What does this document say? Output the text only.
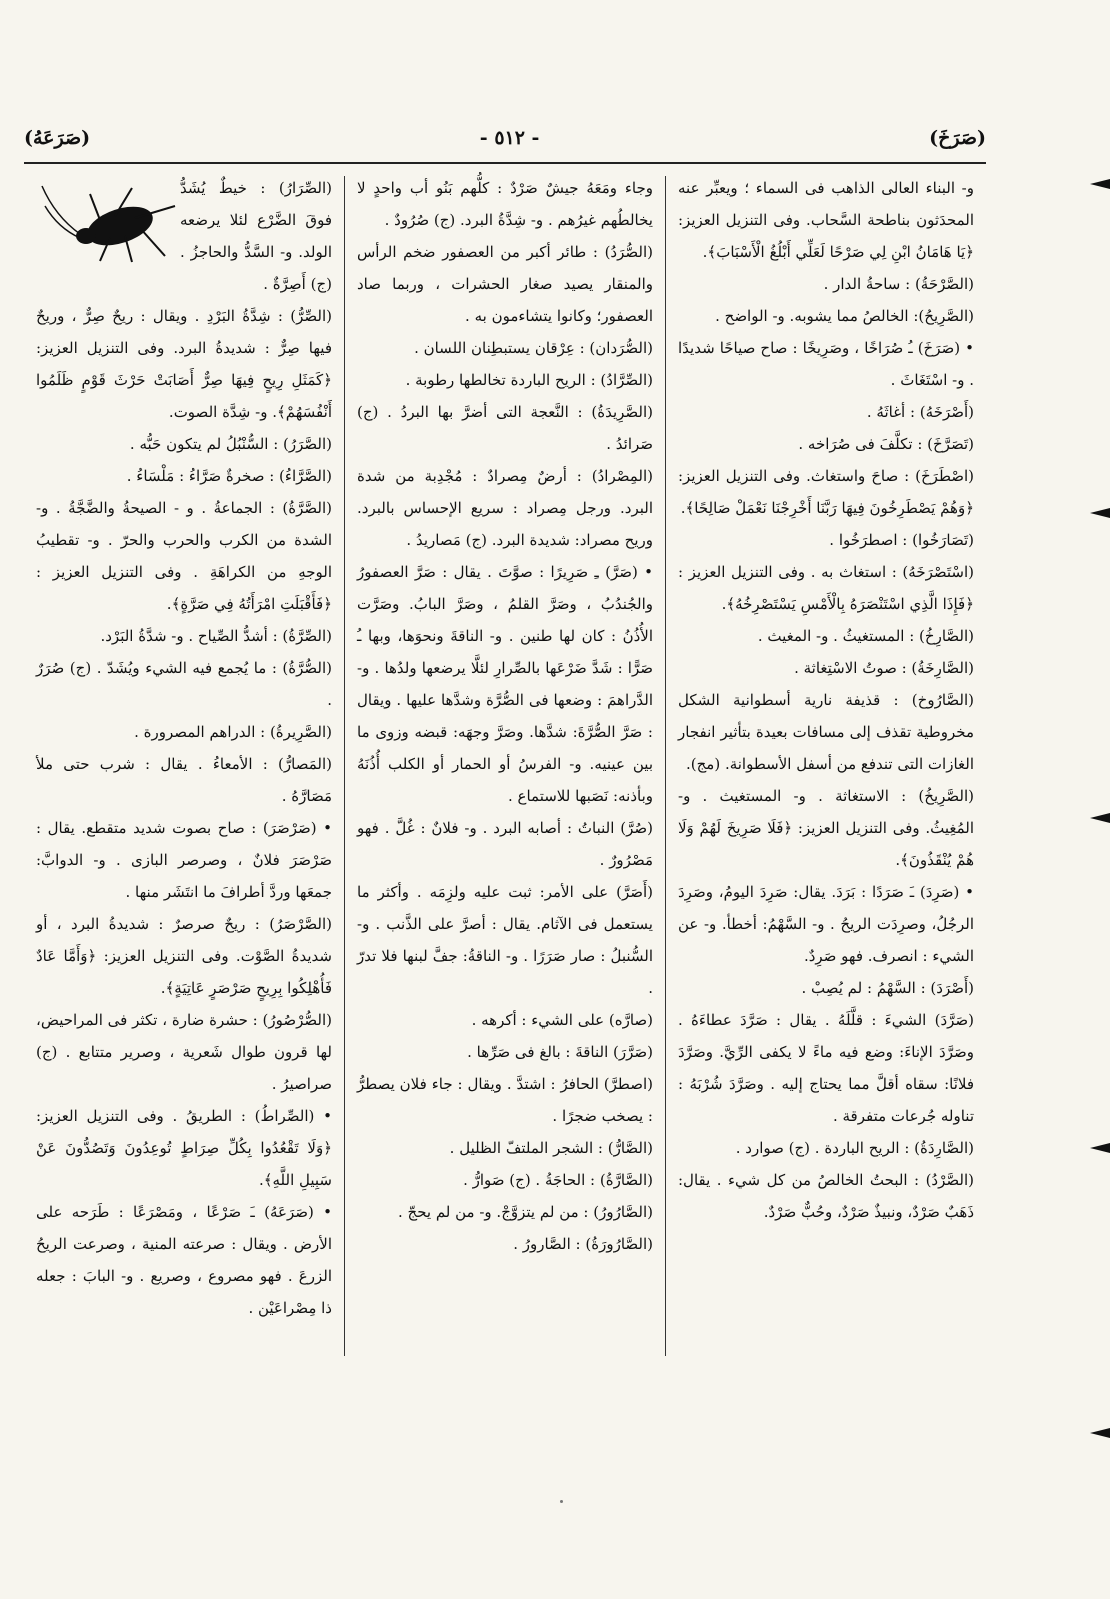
(صَرَخَ)
- ٥١٢ -
(صَرَعَهُ)

و- البناء العالى الذاهب فى السماء ؛ ويعبِّر عنه المحدَثون بناطحة السَّحاب. وفى التنزيل العزيز: ﴿يَا هَامَانُ ابْنِ لِي صَرْحًا لَعَلِّي أَبْلُغُ الْأَسْبَابَ﴾.

(الصَّرْحَةُ) : ساحةُ الدار .

(الصَّرِيحُ): الخالصُ مما يشوبه. و- الواضح .

• (صَرَخَ) ـُ صُرَاخًا ، وصَرِيخًا : صاح صياحًا شديدًا . و- اسْتَغَاثَ .

(أَصْرَخَهُ) : أغاثَهُ .

(تَصَرَّخَ) : تكلَّفَ فى صُرَاخه .

(اصْطَرَخَ) : صاحَ واستغاث. وفى التنزيل العزيز: ﴿وَهُمْ يَصْطَرِخُونَ فِيهَا رَبَّنَا أَخْرِجْنَا نَعْمَلْ صَالِحًا﴾.

(تَصَارَخُوا) : اصطرَخُوا .

(اسْتَصْرَخَهُ) : استغاث به . وفى التنزيل العزيز : ﴿فَإِذَا الَّذِي اسْتَنْصَرَهُ بِالْأَمْسِ يَسْتَصْرِخُهُ﴾.

(الصَّارِخُ) : المستغيثُ . و- المغيث .

(الصَّارِخَةُ) : صوتُ الاسْتِغاثة .

(الصَّارُوخ) : قذيفة نارية أسطوانية الشكل مخروطية تقذف إلى مسافات بعيدة بتأثير انفجار الغازات التى تندفع من أسفل الأسطوانة. (مج).

(الصَّرِيخُ) : الاستغاثة . و- المستغيث . و- المُغِيثُ. وفى التنزيل العزيز: ﴿فَلَا صَرِيخَ لَهُمْ وَلَا هُمْ يُنْقَذُونَ﴾.

• (صَرِدَ) ـَ صَرَدًا : بَرَدَ. يقال: صَرِدَ اليومُ، وصَرِدَ الرجُلُ، وصرِدَت الريحُ . و- السَّهْمُ: أخطأ. و- عن الشيء : انصرف. فهو صَرِدٌ.

(أَصْرَدَ) : السَّهْمُ : لم يُصِبْ .

(صَرَّدَ) الشيءَ : قلَّلَهُ . يقال : صَرَّدَ عطاءَهُ . وصَرَّدَ الإناءَ: وضع فيه ماءً لا يكفى الرِّيَّ. وصَرَّدَ فلانًا: سقاه أقلَّ مما يحتاج إليه . وصَرَّدَ شُرْبَهُ : تناوله جُرعات متفرقة .

(الصَّارِدَةُ) : الريح الباردة . (ج) صوارد .

(الصَّرْدُ) : البحتُ الخالصُ من كل شيء . يقال: ذَهَبٌ صَرْدٌ، ونبيذٌ صَرْدٌ، وحُبٌّ صَرْدٌ.

وجاء ومَعَهُ جيشٌ صَرْدٌ : كلُّهم بَنُو أب واحدٍ لا يخالطُهم غيرُهم . و- شِدَّةُ البرد. (ج) صُرُودٌ .

(الصُّرَدُ) : طائر أكبر من العصفور ضخم الرأس والمنقار يصيد صغار الحشرات ، وربما صاد العصفور؛ وكانوا يتشاءمون به .

(الصُّرَدان) : عِرْقان يستبطِنان اللسان .

(الصِّرَّادُ) : الريح الباردة تخالطها رطوبة .

(الصَّرِيدَةُ) : النَّعجة التى أضرَّ بها البردُ . (ج) صَرائدُ .

(المِصْرادُ) : أرضٌ مِصرادٌ : مُجْدِبة من شدة البرد. ورجل مِصراد : سريع الإحساس بالبرد. وريح مصراد: شديدة البرد. (ج) مَصاريدُ .

• (صَرَّ) ـِ صَرِيرًا : صوَّتَ . يقال : صَرَّ العصفورُ والجُندُبُ ، وصَرَّ القلمُ ، وصَرَّ البابُ. وصَرَّت الأُذُنُ : كان لها طنين . و- الناقةَ ونحوَها، وبها ـُ صَرًّا : شَدَّ ضَرْعَها بالصِّرارِ لئلَّا يرضعها ولدُها . و- الدَّراهمَ : وضعها فى الصُّرَّة وشدَّها عليها . ويقال : صَرَّ الصُّرَّةَ: شدَّها. وصَرَّ وجهَه: قبضه وزوى ما بين عينيه. و- الفرسُ أو الحمار أو الكلب أُذُنَهُ وبأذنه: نَصَبها للاستماع .

(صُرَّ) النباتُ : أصابه البرد . و- فلانٌ : غُلَّ . فهو مَصْرُورٌ .

(أَصَرَّ) على الأمر: ثبت عليه ولزِمَه . وأكثر ما يستعمل فى الآثام. يقال : أصرَّ على الذَّنب . و- السُّنبلُ : صار صَرَرًا . و- الناقةُ: جفَّ لبنها فلا تدرّ .

(صارَّه) على الشيء : أكرهه .

(صَرَّرَ) الناقةَ : بالغ فى صَرِّها .

(اصطرَّ) الحافرُ : اشتدَّ . ويقال : جاء فلان يصطرُّ : يصخب ضجرًا .

(الصَّارُّ) : الشجر الملتفّ الظليل .

(الصَّارَّةُ) : الحاجَةُ . (ج) صَوارُّ .

(الصَّارُورُ) : من لم يتزوَّجْ. و- من لم يحجّ .

(الصَّارُورَةُ) : الصَّارورُ .

(الصِّرَارُ) : خيطٌ يُشَدُّ فوقَ الضَّرْع لئلا يرضعه الولد. و- السَّدُّ والحاجزُ . (ج) أَصِرَّةٌ .

(الصِّرُّ) : شِدَّةُ البَرْدِ . ويقال : ريحٌ صِرٌّ ، وريحٌ فيها صِرٌّ : شديدةُ البرد. وفى التنزيل العزيز:﴿كَمَثَلِ رِيحٍ فِيهَا صِرٌّ أَصَابَتْ حَرْثَ قَوْمٍ ظَلَمُوا أَنْفُسَهُمْ﴾. و- شِدَّة الصوت.

(الصَّرَرُ) : السُّنْبُلُ لم يتكون حَبُّه .

(الصَّرَّاءُ) : صخرةٌ صَرَّاءُ : مَلْسَاءُ .

(الصَّرَّةُ) : الجماعةُ . و - الصيحةُ والضَّجَّةُ . و- الشدة من الكرب والحرب والحرّ . و- تقطيبُ الوجهِ من الكراهَةِ . وفى التنزيل العزيز : ﴿فَأَقْبَلَتِ امْرَأَتُهُ فِي صَرَّةٍ﴾.

(الصِّرَّةُ) : أشدُّ الصِّياح . و- شدَّةُ البَرْد.

(الصُّرَّةُ) : ما يُجمع فيه الشيء ويُشَدّ . (ج) صُرَرٌ .

(الصَّرِيرةُ) : الدراهم المصرورة .

(المَصارُّ) : الأمعاءُ . يقال : شرب حتى ملأ مَصَارَّهُ .

• (صَرْصَرَ) : صاح بصوت شديد متقطع. يقال : صَرْصَرَ فلانٌ ، وصرصر البازى . و- الدوابَّ: جمعَها وردَّ أطرافَ ما انتَشَر منها .

(الصَّرْصَرُ) : ريحٌ صرصرٌ : شديدةُ البرد ، أو شديدةُ الصَّوْت. وفى التنزيل العزيز: ﴿وَأَمَّا عَادٌ فَأُهْلِكُوا بِرِيحٍ صَرْصَرٍ عَاتِيَةٍ﴾.

(الصُّرْصُورُ) : حشرة ضارة ، تكثر فى المراحيض، لها قرون طوال شَعرية ، وصرير متتابع . (ج) صراصيرُ .

• (الصِّراطُ) : الطريقُ . وفى التنزيل العزيز: ﴿وَلَا تَقْعُدُوا بِكُلِّ صِرَاطٍ تُوعِدُونَ وَتَصُدُّونَ عَنْ سَبِيلِ اللَّهِ﴾.

• (صَرَعَهُ) ـَ صَرْعًا ، ومَصْرَعًا : طَرَحه على الأرض . ويقال : صرعته المنية ، وصرعت الريحُ الزرعَ . فهو مصروع ، وصريع . و- البابَ : جعله ذا مِصْراعَيْن .
